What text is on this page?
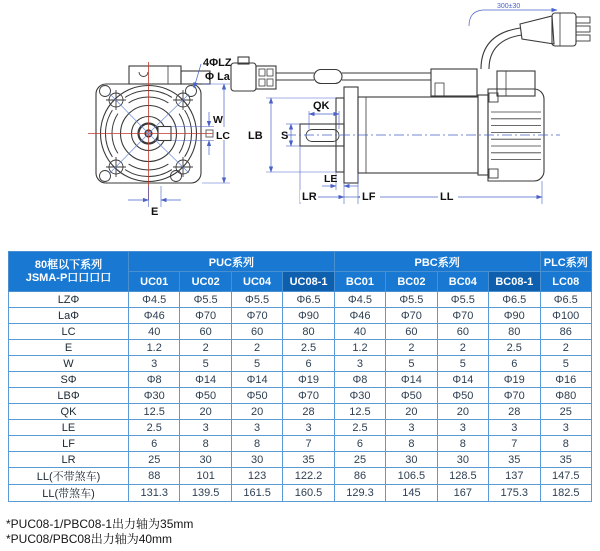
4ΦLZ
Φ La
W
LC
E
LB S
QK
LE
LR	LF	LL
300±30
80框以下系列
JSMA-P口口口口	PUC系列				PBC系列				PLC系列
	UC01	UC02	UC04	UC08-1	BC01	BC02	BC04	BC08-1	LC08
LZΦ	Φ4.5	Φ5.5	Φ5.5	Φ6.5	Φ4.5	Φ5.5	Φ5.5	Φ6.5	Φ6.5
LaΦ	Φ46	Φ70	Φ70	Φ90	Φ46	Φ70	Φ70	Φ90	Φ100
LC	40	60	60	80	40	60	60	80	86
E	1.2	2	2	2.5	1.2	2	2	2.5	2
W	3	5	5	6	3	5	5	6	5
SΦ	Φ8	Φ14	Φ14	Φ19	Φ8	Φ14	Φ14	Φ19	Φ16
LBΦ	Φ30	Φ50	Φ50	Φ70	Φ30	Φ50	Φ50	Φ70	Φ80
QK	12.5	20	20	28	12.5	20	20	28	25
LE	2.5	3	3	3	2.5	3	3	3	3
LF	6	8	8	7	6	8	8	7	8
LR	25	30	30	35	25	30	30	35	35
LL(不带煞车)	88	101	123	122.2	86	106.5	128.5	137	147.5
LL(带煞车)	131.3	139.5	161.5	160.5	129.3	145	167	175.3	182.5
*PUC08-1/PBC08-1出力轴为35mm
*PUC08/PBC08出力轴为40mm
